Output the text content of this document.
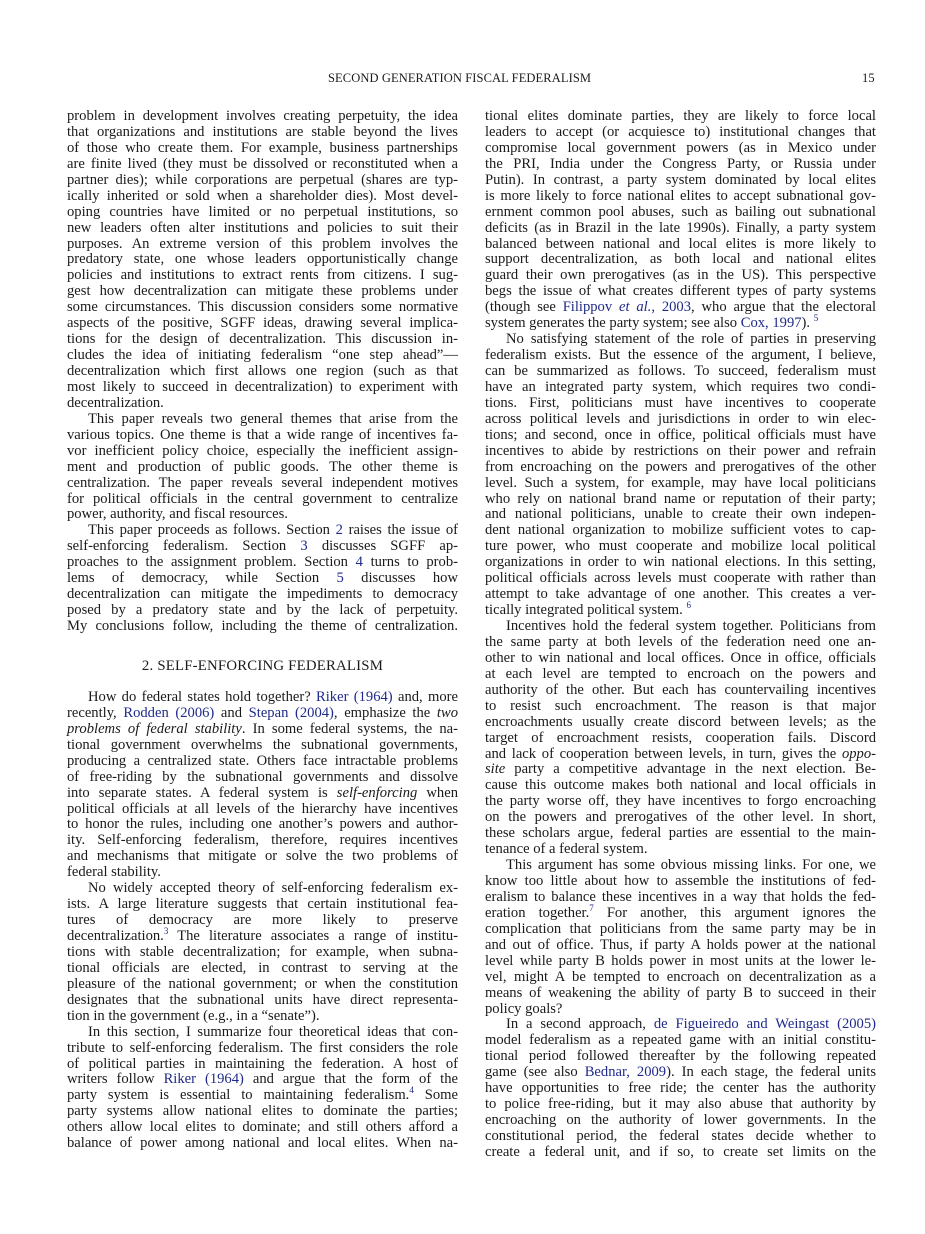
SECOND GENERATION FISCAL FEDERALISM	15
problem in development involves creating perpetuity, the idea
that organizations and institutions are stable beyond the lives
of those who create them. For example, business partnerships
are finite lived (they must be dissolved or reconstituted when a
partner dies); while corporations are perpetual (shares are typ-
ically inherited or sold when a shareholder dies). Most devel-
oping countries have limited or no perpetual institutions, so
new leaders often alter institutions and policies to suit their
purposes. An extreme version of this problem involves the
predatory state, one whose leaders opportunistically change
policies and institutions to extract rents from citizens. I sug-
gest how decentralization can mitigate these problems under
some circumstances. This discussion considers some normative
aspects of the positive, SGFF ideas, drawing several implica-
tions for the design of decentralization. This discussion in-
cludes the idea of initiating federalism “one step ahead”—
decentralization which first allows one region (such as that
most likely to succeed in decentralization) to experiment with
decentralization.
This paper reveals two general themes that arise from the
various topics. One theme is that a wide range of incentives fa-
vor inefficient policy choice, especially the inefficient assign-
ment and production of public goods. The other theme is
centralization. The paper reveals several independent motives
for political officials in the central government to centralize
power, authority, and fiscal resources.
This paper proceeds as follows. Section 2 raises the issue of
self-enforcing federalism. Section 3 discusses SGFF ap-
proaches to the assignment problem. Section 4 turns to prob-
lems of democracy, while Section 5 discusses how
decentralization can mitigate the impediments to democracy
posed by a predatory state and by the lack of perpetuity.
My conclusions follow, including the theme of centralization.
2. SELF-ENFORCING FEDERALISM
How do federal states hold together? Riker (1964) and, more
recently, Rodden (2006) and Stepan (2004), emphasize the two
problems of federal stability. In some federal systems, the na-
tional government overwhelms the subnational governments,
producing a centralized state. Others face intractable problems
of free-riding by the subnational governments and dissolve
into separate states. A federal system is self-enforcing when
political officials at all levels of the hierarchy have incentives
to honor the rules, including one another’s powers and author-
ity. Self-enforcing federalism, therefore, requires incentives
and mechanisms that mitigate or solve the two problems of
federal stability.
No widely accepted theory of self-enforcing federalism ex-
ists. A large literature suggests that certain institutional fea-
tures of democracy are more likely to preserve
decentralization.$^3$ The literature associates a range of institu-
tions with stable decentralization; for example, when subna-
tional officials are elected, in contrast to serving at the
pleasure of the national government; or when the constitution
designates that the subnational units have direct representa-
tion in the government (e.g., in a “senate”).
In this section, I summarize four theoretical ideas that con-
tribute to self-enforcing federalism. The first considers the role
of political parties in maintaining the federation. A host of
writers follow Riker (1964) and argue that the form of the
party system is essential to maintaining federalism.$^4$ Some
party systems allow national elites to dominate the parties;
others allow local elites to dominate; and still others afford a
balance of power among national and local elites. When na-
tional elites dominate parties, they are likely to force local
leaders to accept (or acquiesce to) institutional changes that
compromise local government powers (as in Mexico under
the PRI, India under the Congress Party, or Russia under
Putin). In contrast, a party system dominated by local elites
is more likely to force national elites to accept subnational gov-
ernment common pool abuses, such as bailing out subnational
deficits (as in Brazil in the late 1990s). Finally, a party system
balanced between national and local elites is more likely to
support decentralization, as both local and national elites
guard their own prerogatives (as in the US). This perspective
begs the issue of what creates different types of party systems
(though see Filippov et al., 2003, who argue that the electoral
system generates the party system; see also Cox, 1997). $^5$
No satisfying statement of the role of parties in preserving
federalism exists. But the essence of the argument, I believe,
can be summarized as follows. To succeed, federalism must
have an integrated party system, which requires two condi-
tions. First, politicians must have incentives to cooperate
across political levels and jurisdictions in order to win elec-
tions; and second, once in office, political officials must have
incentives to abide by restrictions on their power and refrain
from encroaching on the powers and prerogatives of the other
level. Such a system, for example, may have local politicians
who rely on national brand name or reputation of their party;
and national politicians, unable to create their own indepen-
dent national organization to mobilize sufficient votes to cap-
ture power, who must cooperate and mobilize local political
organizations in order to win national elections. In this setting,
political officials across levels must cooperate with rather than
attempt to take advantage of one another. This creates a ver-
tically integrated political system. $^6$
Incentives hold the federal system together. Politicians from
the same party at both levels of the federation need one an-
other to win national and local offices. Once in office, officials
at each level are tempted to encroach on the powers and
authority of the other. But each has countervailing incentives
to resist such encroachment. The reason is that major
encroachments usually create discord between levels; as the
target of encroachment resists, cooperation fails. Discord
and lack of cooperation between levels, in turn, gives the oppo-
site party a competitive advantage in the next election. Be-
cause this outcome makes both national and local officials in
the party worse off, they have incentives to forgo encroaching
on the powers and prerogatives of the other level. In short,
these scholars argue, federal parties are essential to the main-
tenance of a federal system.
This argument has some obvious missing links. For one, we
know too little about how to assemble the institutions of fed-
eralism to balance these incentives in a way that holds the fed-
eration together.$^7$ For another, this argument ignores the
complication that politicians from the same party may be in
and out of office. Thus, if party A holds power at the national
level while party B holds power in most units at the lower le-
vel, might A be tempted to encroach on decentralization as a
means of weakening the ability of party B to succeed in their
policy goals?
In a second approach, de Figueiredo and Weingast (2005)
model federalism as a repeated game with an initial constitu-
tional period followed thereafter by the following repeated
game (see also Bednar, 2009). In each stage, the federal units
have opportunities to free ride; the center has the authority
to police free-riding, but it may also abuse that authority by
encroaching on the authority of lower governments. In the
constitutional period, the federal states decide whether to
create a federal unit, and if so, to create set limits on the
